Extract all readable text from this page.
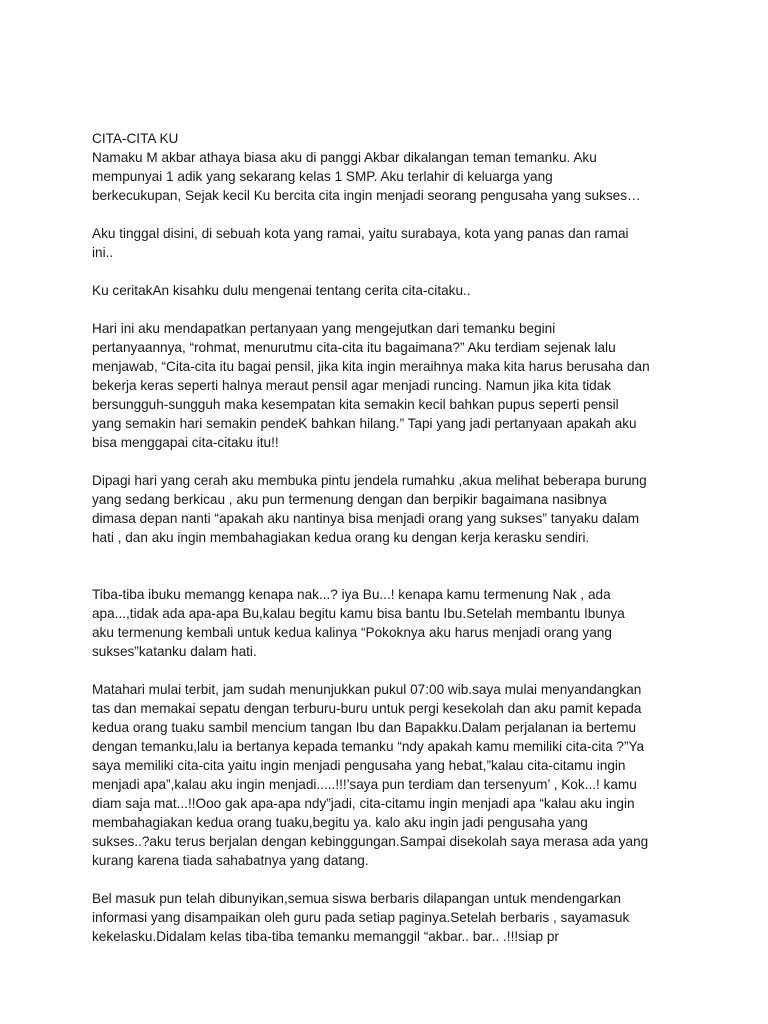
CITA-CITA KU
Namaku M akbar athaya biasa aku di panggi Akbar dikalangan teman temanku. Aku
mempunyai 1 adik yang sekarang kelas 1 SMP. Aku terlahir di keluarga yang
berkecukupan, Sejak kecil Ku bercita cita ingin menjadi seorang pengusaha yang sukses…
Aku tinggal disini, di sebuah kota yang ramai, yaitu surabaya, kota yang panas dan ramai
ini..
Ku ceritakAn kisahku dulu mengenai tentang cerita cita-citaku..
Hari ini aku mendapatkan pertanyaan yang mengejutkan dari temanku begini
pertanyaannya, “rohmat, menurutmu cita-cita itu bagaimana?” Aku terdiam sejenak lalu
menjawab, “Cita-cita itu bagai pensil, jika kita ingin meraihnya maka kita harus berusaha dan
bekerja keras seperti halnya meraut pensil agar menjadi runcing. Namun jika kita tidak
bersungguh-sungguh maka kesempatan kita semakin kecil bahkan pupus seperti pensil
yang semakin hari semakin pendeK bahkan hilang.” Tapi yang jadi pertanyaan apakah aku
bisa menggapai cita-citaku itu!!
Dipagi hari yang cerah aku membuka pintu jendela rumahku ,akua melihat beberapa burung
yang sedang berkicau , aku pun termenung dengan dan berpikir bagaimana nasibnya
dimasa depan nanti “apakah aku nantinya bisa menjadi orang yang sukses” tanyaku dalam
hati , dan aku ingin membahagiakan kedua orang ku dengan kerja kerasku sendiri.
Tiba-tiba ibuku memangg kenapa nak...? iya Bu...! kenapa kamu termenung Nak , ada
apa...,tidak ada apa-apa Bu,kalau begitu kamu bisa bantu Ibu.Setelah membantu Ibunya
aku termenung kembali untuk kedua kalinya “Pokoknya aku harus menjadi orang yang
sukses”katanku dalam hati.
Matahari mulai terbit, jam sudah menunjukkan pukul 07:00 wib.saya mulai menyandangkan
tas dan memakai sepatu dengan terburu-buru untuk pergi kesekolah dan aku pamit kepada
kedua orang tuaku sambil mencium tangan Ibu dan Bapakku.Dalam perjalanan ia bertemu
dengan temanku,lalu ia bertanya kepada temanku “ndy apakah kamu memiliki cita-cita ?”Ya
saya memiliki cita-cita yaitu ingin menjadi pengusaha yang hebat,”kalau cita-citamu ingin
menjadi apa”,kalau aku ingin menjadi.....!!!’saya pun terdiam dan tersenyum’ , Kok...! kamu
diam saja mat...!!Ooo gak apa-apa ndy”jadi, cita-citamu ingin menjadi apa “kalau aku ingin
membahagiakan kedua orang tuaku,begitu ya. kalo aku ingin jadi pengusaha yang
sukses..?aku terus berjalan dengan kebinggungan.Sampai disekolah saya merasa ada yang
kurang karena tiada sahabatnya yang datang.
Bel masuk pun telah dibunyikan,semua siswa berbaris dilapangan untuk mendengarkan
informasi yang disampaikan oleh guru pada setiap paginya.Setelah berbaris , sayamasuk
kekelasku.Didalam kelas tiba-tiba temanku memanggil “akbar.. bar.. .!!!siap pr
